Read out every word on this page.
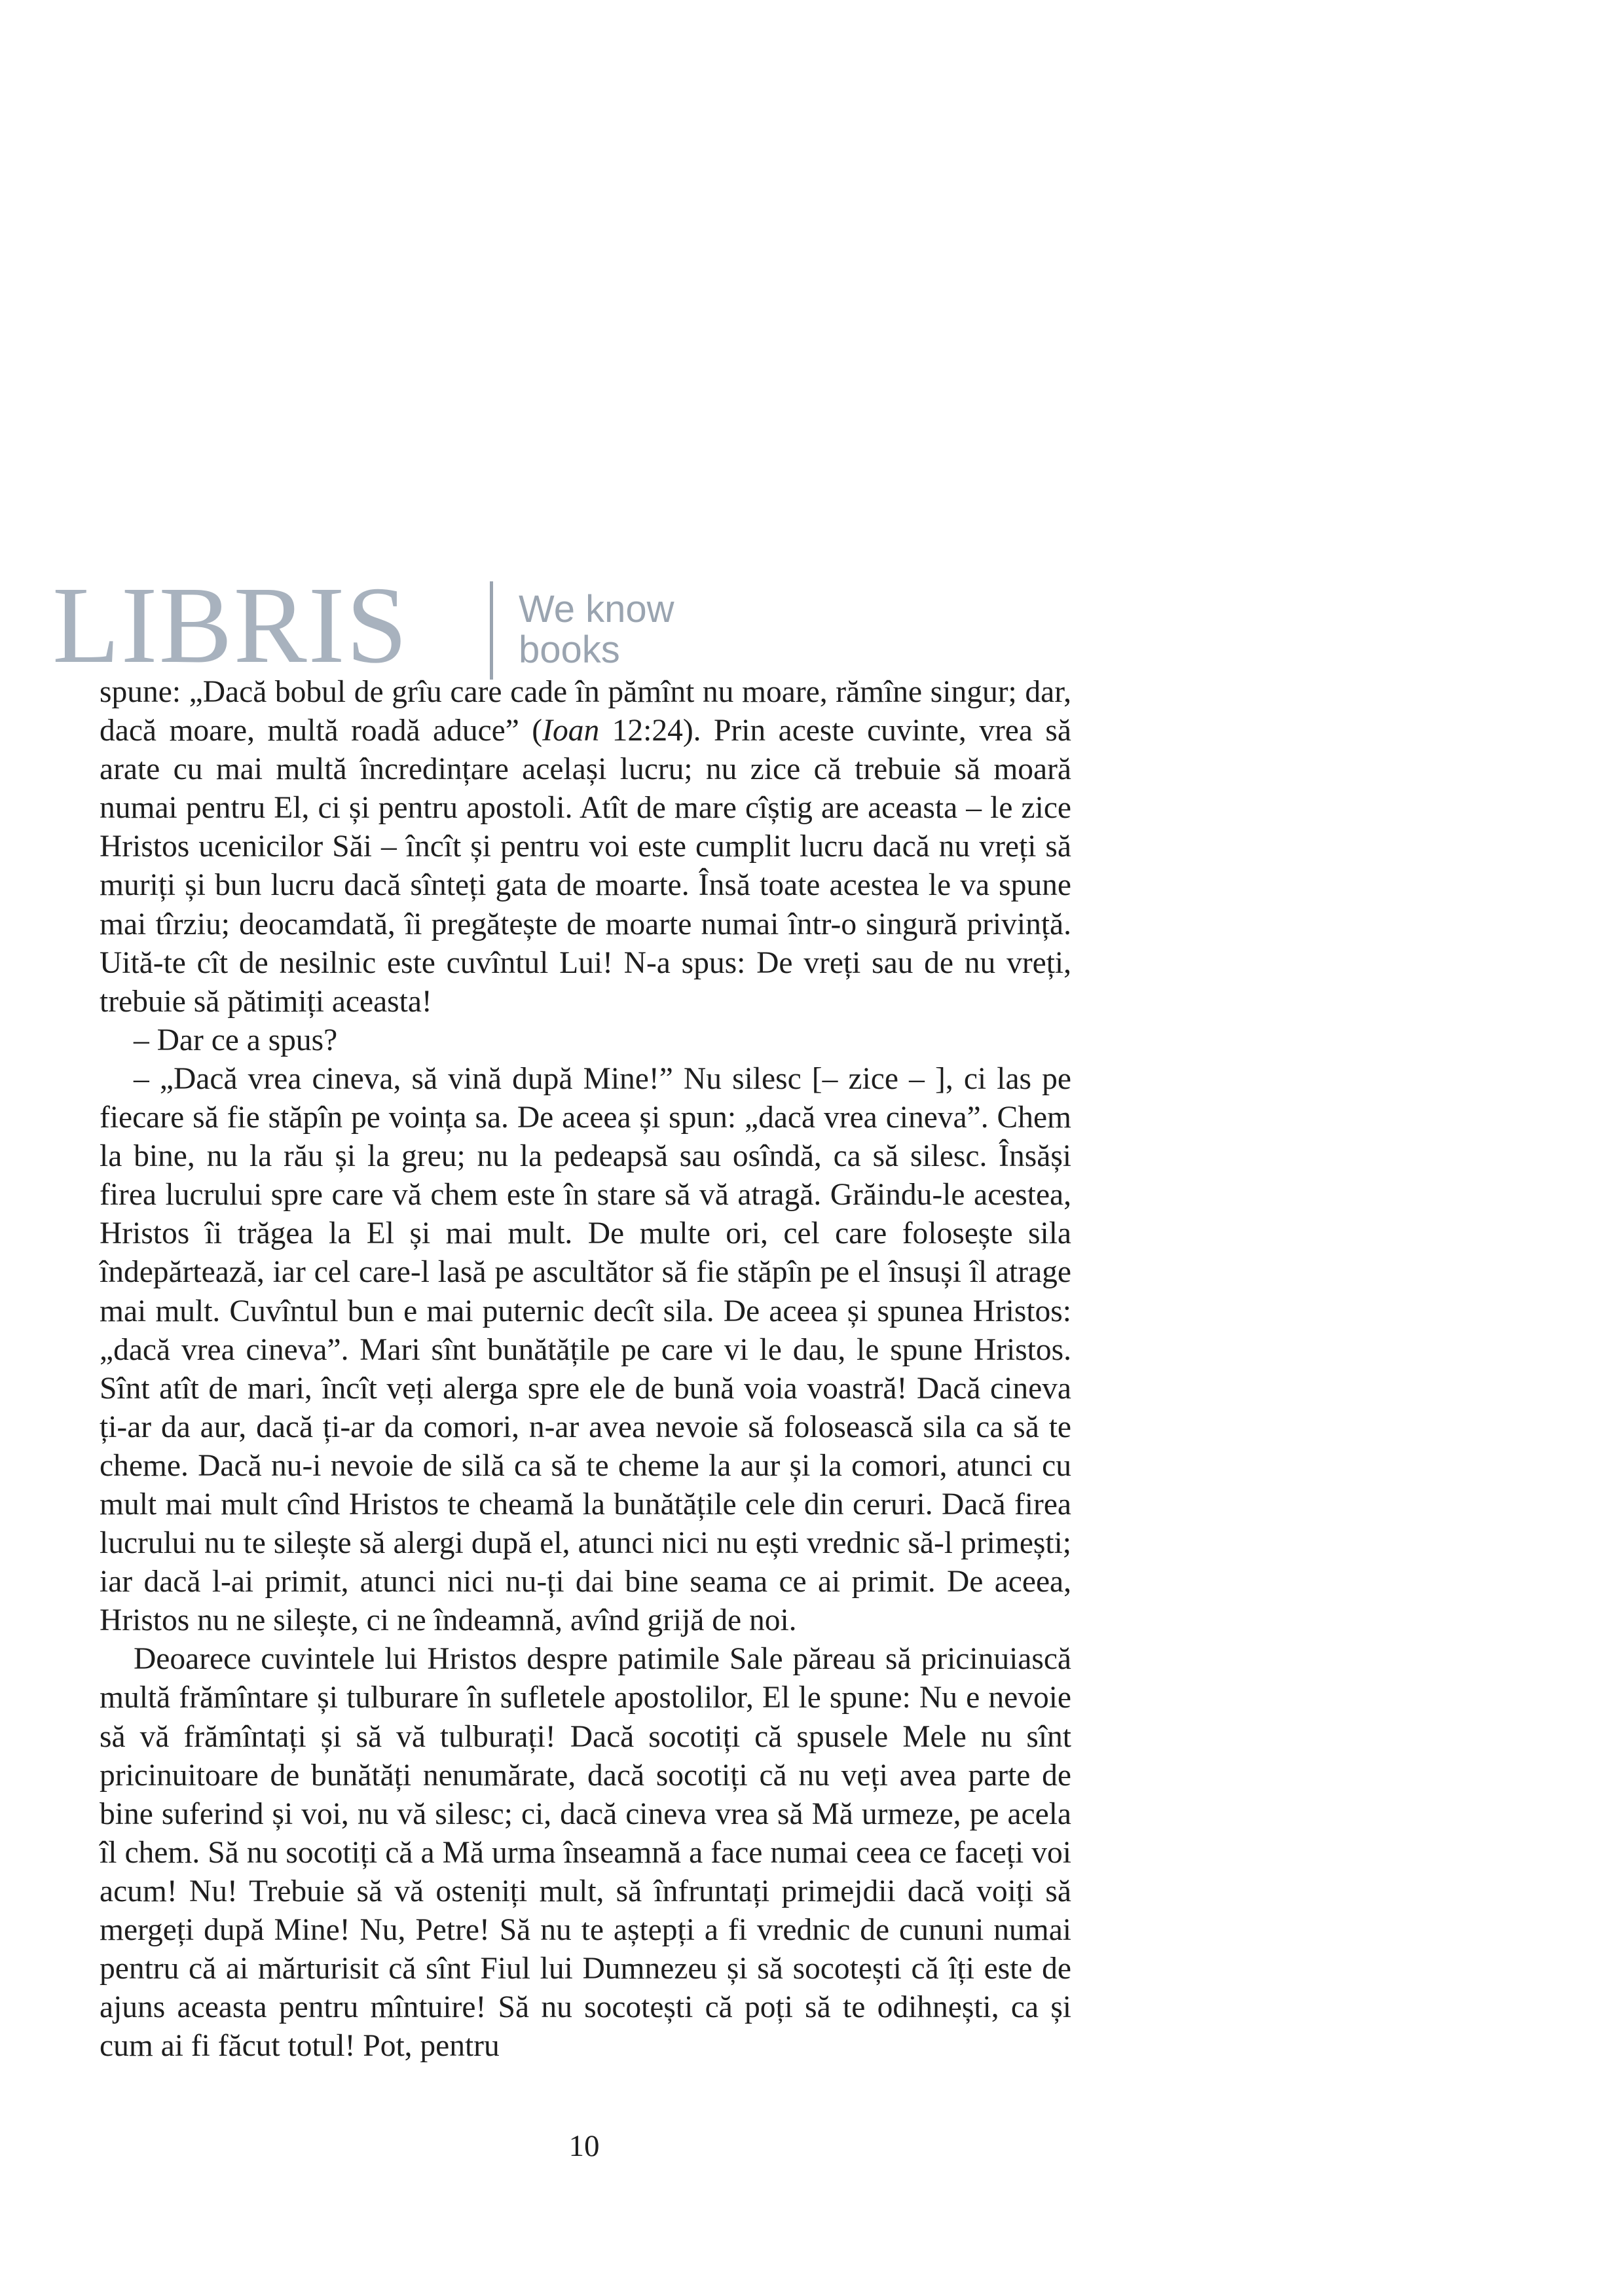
LIBRIS	We know
books

spune: „Dacă bobul de grîu care cade în pămînt nu moare, rămîne singur; dar, dacă moare, multă roadă aduce” (Ioan 12:24). Prin aceste cuvinte, vrea să arate cu mai multă încredințare același lucru; nu zice că trebuie să moară numai pentru El, ci și pentru apostoli. Atît de mare cîștig are aceasta – le zice Hristos ucenicilor Săi – încît și pentru voi este cumplit lucru dacă nu vreți să muriți și bun lucru dacă sînteți gata de moarte. Însă toate acestea le va spune mai tîrziu; deocamdată, îi pregătește de moarte numai într-o singură privință. Uită-te cît de nesilnic este cuvîntul Lui! N-a spus: De vreți sau de nu vreți, trebuie să pătimiți aceasta!

– Dar ce a spus?

– „Dacă vrea cineva, să vină după Mine!” Nu silesc [– zice – ], ci las pe fiecare să fie stăpîn pe voința sa. De aceea și spun: „dacă vrea cineva”. Chem la bine, nu la rău și la greu; nu la pedeapsă sau osîndă, ca să silesc. Însăși firea lucrului spre care vă chem este în stare să vă atragă. Grăindu-le acestea, Hristos îi trăgea la El și mai mult. De multe ori, cel care folosește sila îndepărtează, iar cel care-l lasă pe ascultător să fie stăpîn pe el însuși îl atrage mai mult. Cuvîntul bun e mai puternic decît sila. De aceea și spunea Hristos: „dacă vrea cineva”. Mari sînt bunătățile pe care vi le dau, le spune Hristos. Sînt atît de mari, încît veți alerga spre ele de bună voia voastră! Dacă cineva ți-ar da aur, dacă ți-ar da comori, n-ar avea nevoie să folosească sila ca să te cheme. Dacă nu-i nevoie de silă ca să te cheme la aur și la comori, atunci cu mult mai mult cînd Hristos te cheamă la bunătățile cele din ceruri. Dacă firea lucrului nu te silește să alergi după el, atunci nici nu ești vrednic să-l primești; iar dacă l-ai primit, atunci nici nu-ți dai bine seama ce ai primit. De aceea, Hristos nu ne silește, ci ne îndeamnă, avînd grijă de noi.

Deoarece cuvintele lui Hristos despre patimile Sale păreau să pricinuiască multă frămîntare și tulburare în sufletele apostolilor, El le spune: Nu e nevoie să vă frămîntați și să vă tulburați! Dacă socotiți că spusele Mele nu sînt pricinuitoare de bunătăți nenumărate, dacă socotiți că nu veți avea parte de bine suferind și voi, nu vă silesc; ci, dacă cineva vrea să Mă urmeze, pe acela îl chem. Să nu socotiți că a Mă urma înseamnă a face numai ceea ce faceți voi acum! Nu! Trebuie să vă osteniți mult, să înfruntați primejdii dacă voiți să mergeți după Mine! Nu, Petre! Să nu te aștepți a fi vrednic de cununi numai pentru că ai mărturisit că sînt Fiul lui Dumnezeu și să socotești că îți este de ajuns aceasta pentru mîntuire! Să nu socotești că poți să te odihnești, ca și cum ai fi făcut totul! Pot, pentru

10
